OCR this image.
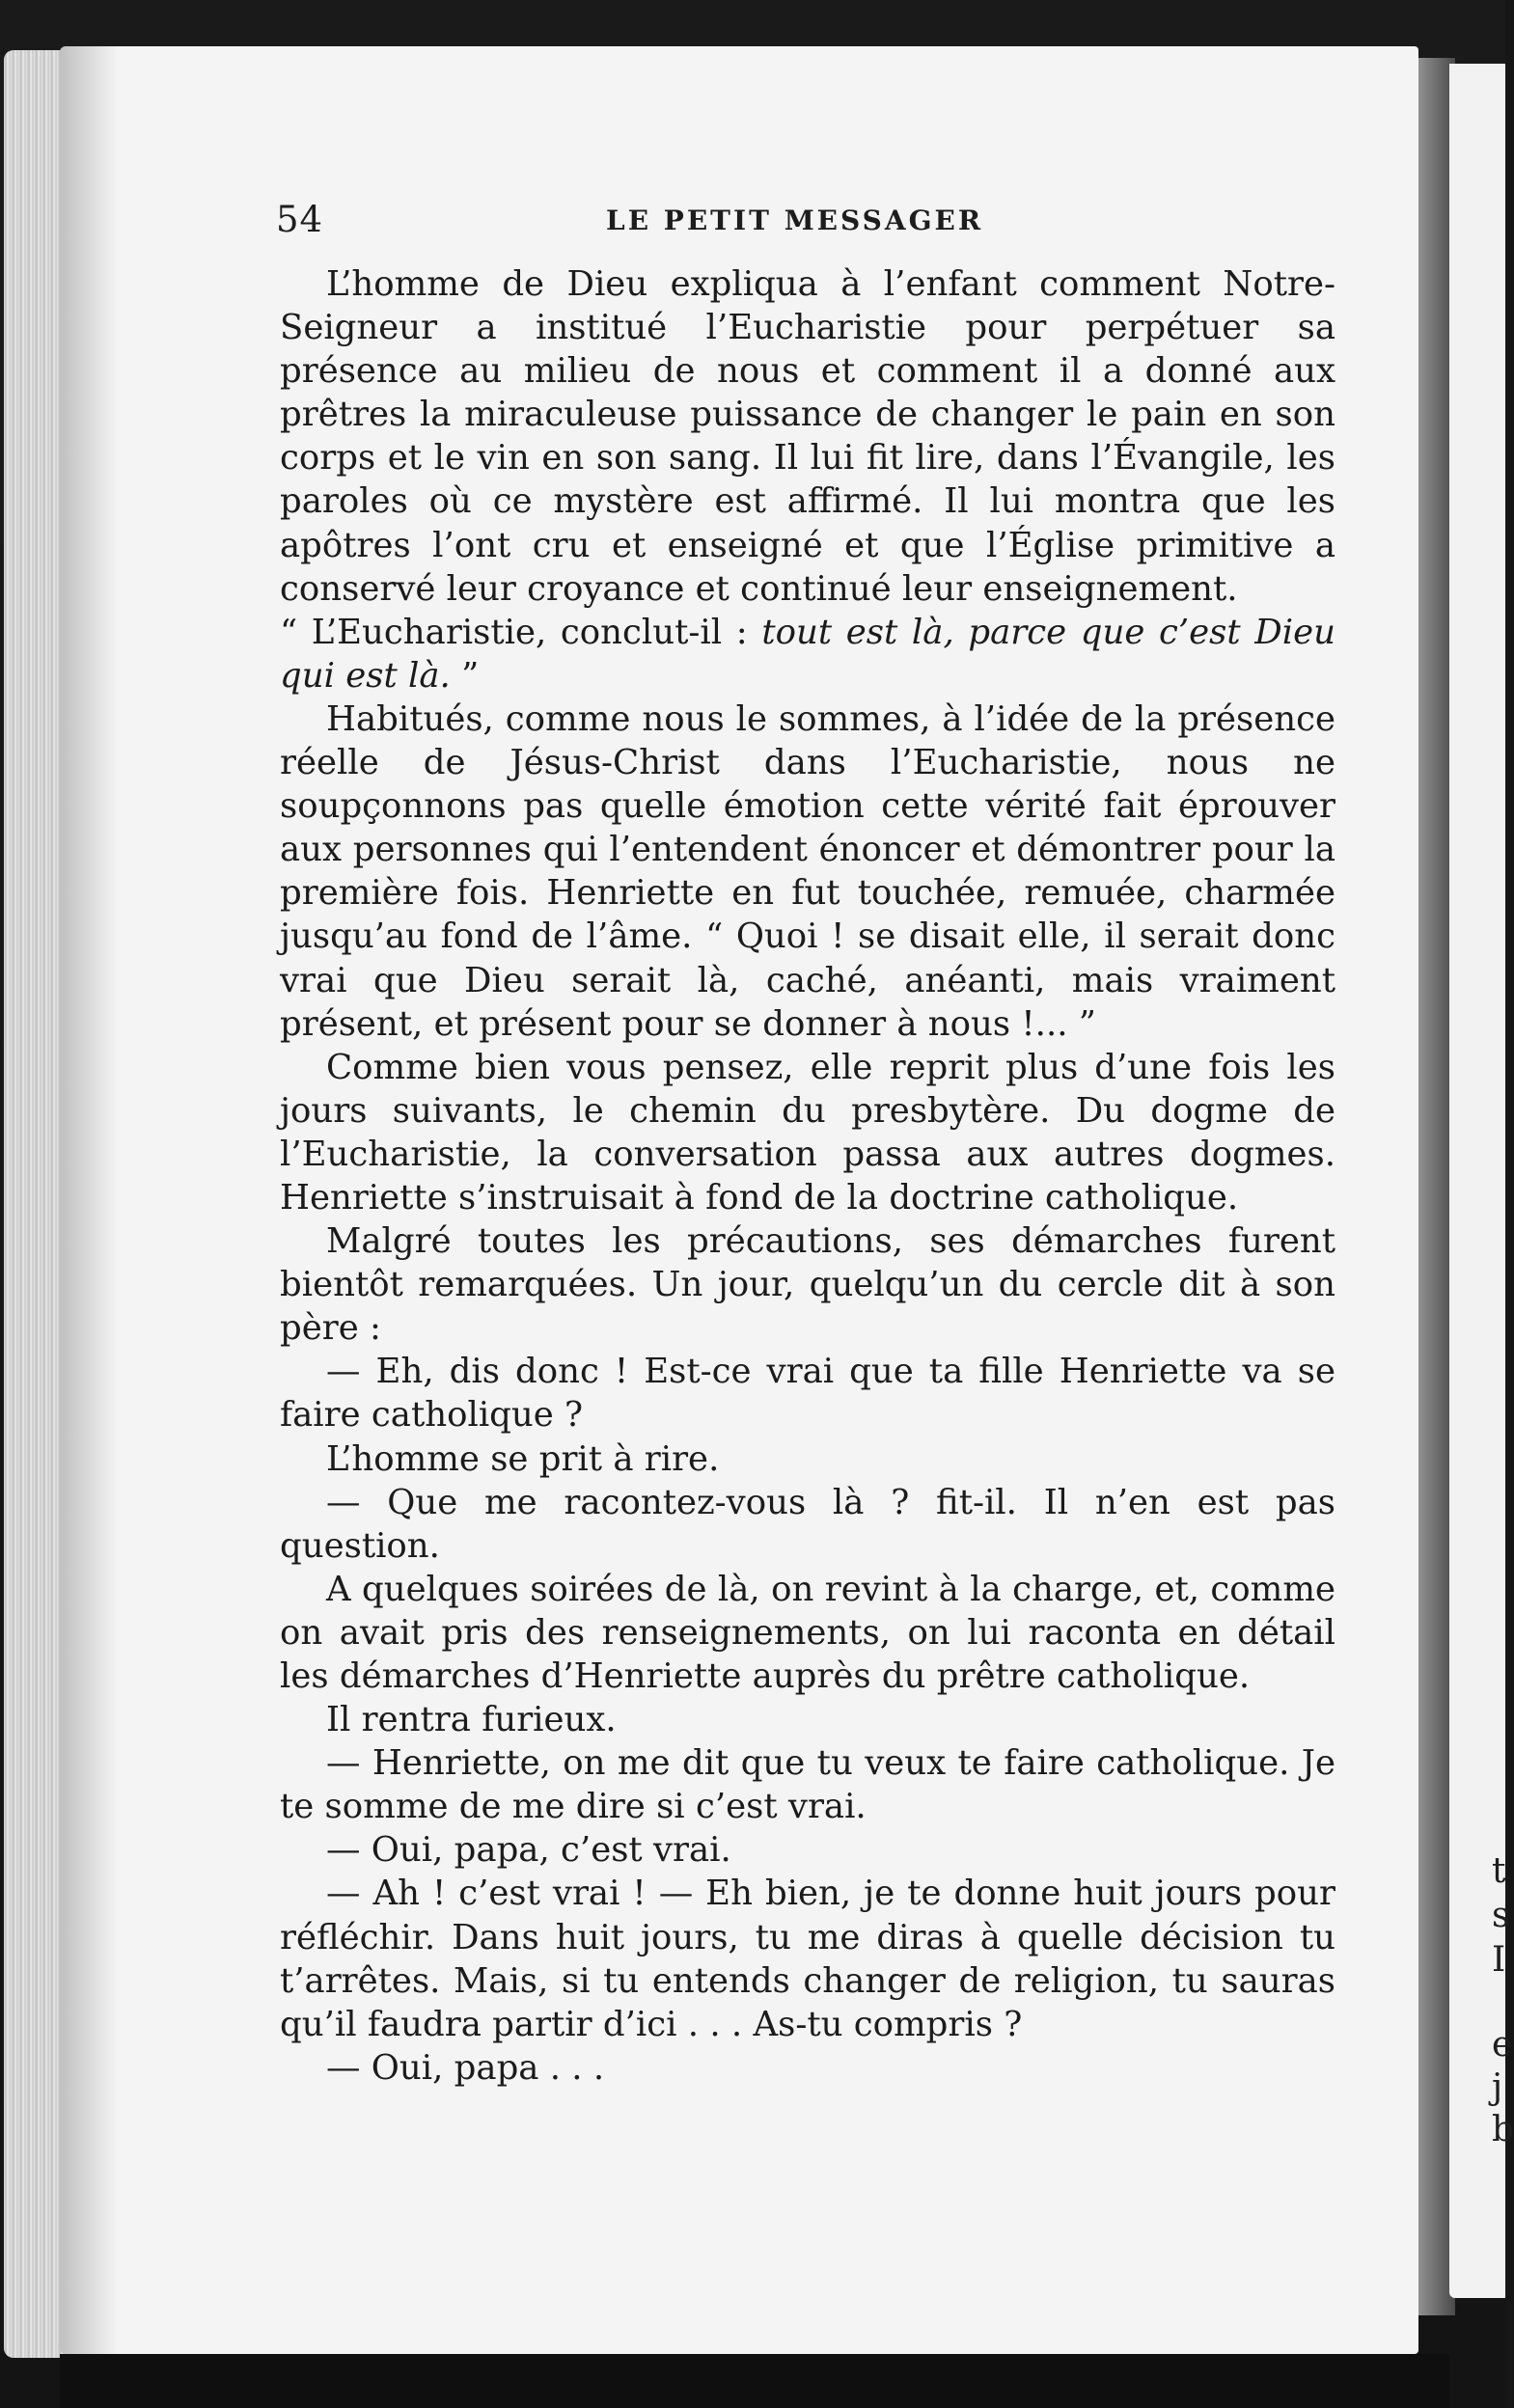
t
s
I
e
j
b
54	LE PETIT MESSAGER

L’homme de Dieu expliqua à l’enfant comment Notre-Seigneur a institué l’Eucharistie pour perpétuer sa présence au milieu de nous et comment il a donné aux prêtres la miraculeuse puissance de changer le pain en son corps et le vin en son sang. Il lui fit lire, dans l’Évangile, les paroles où ce mystère est affirmé. Il lui montra que les apôtres l’ont cru et enseigné et que l’Église primitive a conservé leur croyance et continué leur enseignement.

“ L’Eucharistie, conclut-il : tout est là, parce que c’est Dieu qui est là. ”

Habitués, comme nous le sommes, à l’idée de la présence réelle de Jésus-Christ dans l’Eucharistie, nous ne soupçonnons pas quelle émotion cette vérité fait éprouver aux personnes qui l’entendent énoncer et démontrer pour la première fois. Henriette en fut touchée, remuée, charmée jusqu’au fond de l’âme. “ Quoi ! se disait elle, il serait donc vrai que Dieu serait là, caché, anéanti, mais vraiment présent, et présent pour se donner à nous !... ”

Comme bien vous pensez, elle reprit plus d’une fois les jours suivants, le chemin du presbytère. Du dogme de l’Eucharistie, la conversation passa aux autres dogmes. Henriette s’instruisait à fond de la doctrine catholique.

Malgré toutes les précautions, ses démarches furent bientôt remarquées. Un jour, quelqu’un du cercle dit à son père :

— Eh, dis donc ! Est-ce vrai que ta fille Henriette va se faire catholique ?

L’homme se prit à rire.

— Que me racontez-vous là ? fit-il. Il n’en est pas question.

A quelques soirées de là, on revint à la charge, et, comme on avait pris des renseignements, on lui raconta en détail les démarches d’Henriette auprès du prêtre catholique.

Il rentra furieux.

— Henriette, on me dit que tu veux te faire catholique. Je te somme de me dire si c’est vrai.

— Oui, papa, c’est vrai.

— Ah ! c’est vrai ! — Eh bien, je te donne huit jours pour réfléchir. Dans huit jours, tu me diras à quelle décision tu t’arrêtes. Mais, si tu entends changer de religion, tu sauras qu’il faudra partir d’ici . . . As-tu compris ?

— Oui, papa . . .
